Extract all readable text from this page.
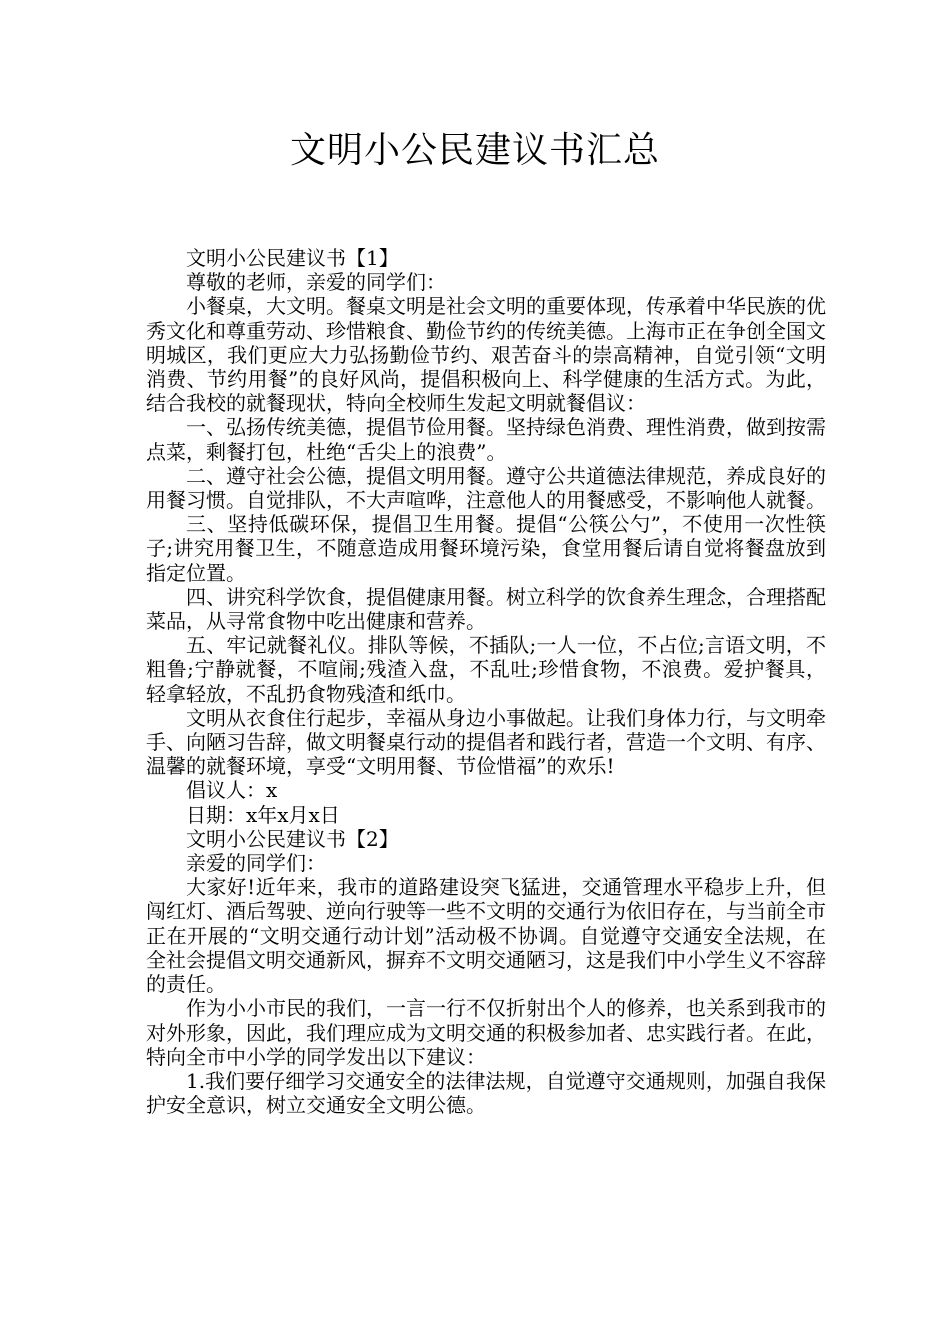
文明小公民建议书汇总

文明小公民建议书【1】

尊敬的老师，亲爱的同学们：

小餐桌，大文明。餐桌文明是社会文明的重要体现，传承着中华民族的优秀文化和尊重劳动、珍惜粮食、勤俭节约的传统美德。上海市正在争创全国文明城区，我们更应大力弘扬勤俭节约、艰苦奋斗的崇高精神，自觉引领“文明消费、节约用餐”的良好风尚，提倡积极向上、科学健康的生活方式。为此，结合我校的就餐现状，特向全校师生发起文明就餐倡议：

一、弘扬传统美德，提倡节俭用餐。坚持绿色消费、理性消费，做到按需点菜，剩餐打包，杜绝“舌尖上的浪费”。

二、遵守社会公德，提倡文明用餐。遵守公共道德法律规范，养成良好的用餐习惯。自觉排队，不大声喧哗，注意他人的用餐感受，不影响他人就餐。

三、坚持低碳环保，提倡卫生用餐。提倡“公筷公勺”，不使用一次性筷子;讲究用餐卫生，不随意造成用餐环境污染，食堂用餐后请自觉将餐盘放到指定位置。

四、讲究科学饮食，提倡健康用餐。树立科学的饮食养生理念，合理搭配菜品，从寻常食物中吃出健康和营养。

五、牢记就餐礼仪。排队等候，不插队;一人一位，不占位;言语文明，不粗鲁;宁静就餐，不喧闹;残渣入盘，不乱吐;珍惜食物，不浪费。爱护餐具，轻拿轻放，不乱扔食物残渣和纸巾。

文明从衣食住行起步，幸福从身边小事做起。让我们身体力行，与文明牵手、向陋习告辞，做文明餐桌行动的提倡者和践行者，营造一个文明、有序、温馨的就餐环境，享受“文明用餐、节俭惜福”的欢乐!

倡议人：x

日期：x年x月x日

文明小公民建议书【2】

亲爱的同学们：

大家好!近年来，我市的道路建设突飞猛进，交通管理水平稳步上升，但闯红灯、酒后驾驶、逆向行驶等一些不文明的交通行为依旧存在，与当前全市正在开展的“文明交通行动计划”活动极不协调。自觉遵守交通安全法规，在全社会提倡文明交通新风，摒弃不文明交通陋习，这是我们中小学生义不容辞的责任。

作为小小市民的我们，一言一行不仅折射出个人的修养，也关系到我市的对外形象，因此，我们理应成为文明交通的积极参加者、忠实践行者。在此，特向全市中小学的同学发出以下建议：

1.我们要仔细学习交通安全的法律法规，自觉遵守交通规则，加强自我保护安全意识，树立交通安全文明公德。
